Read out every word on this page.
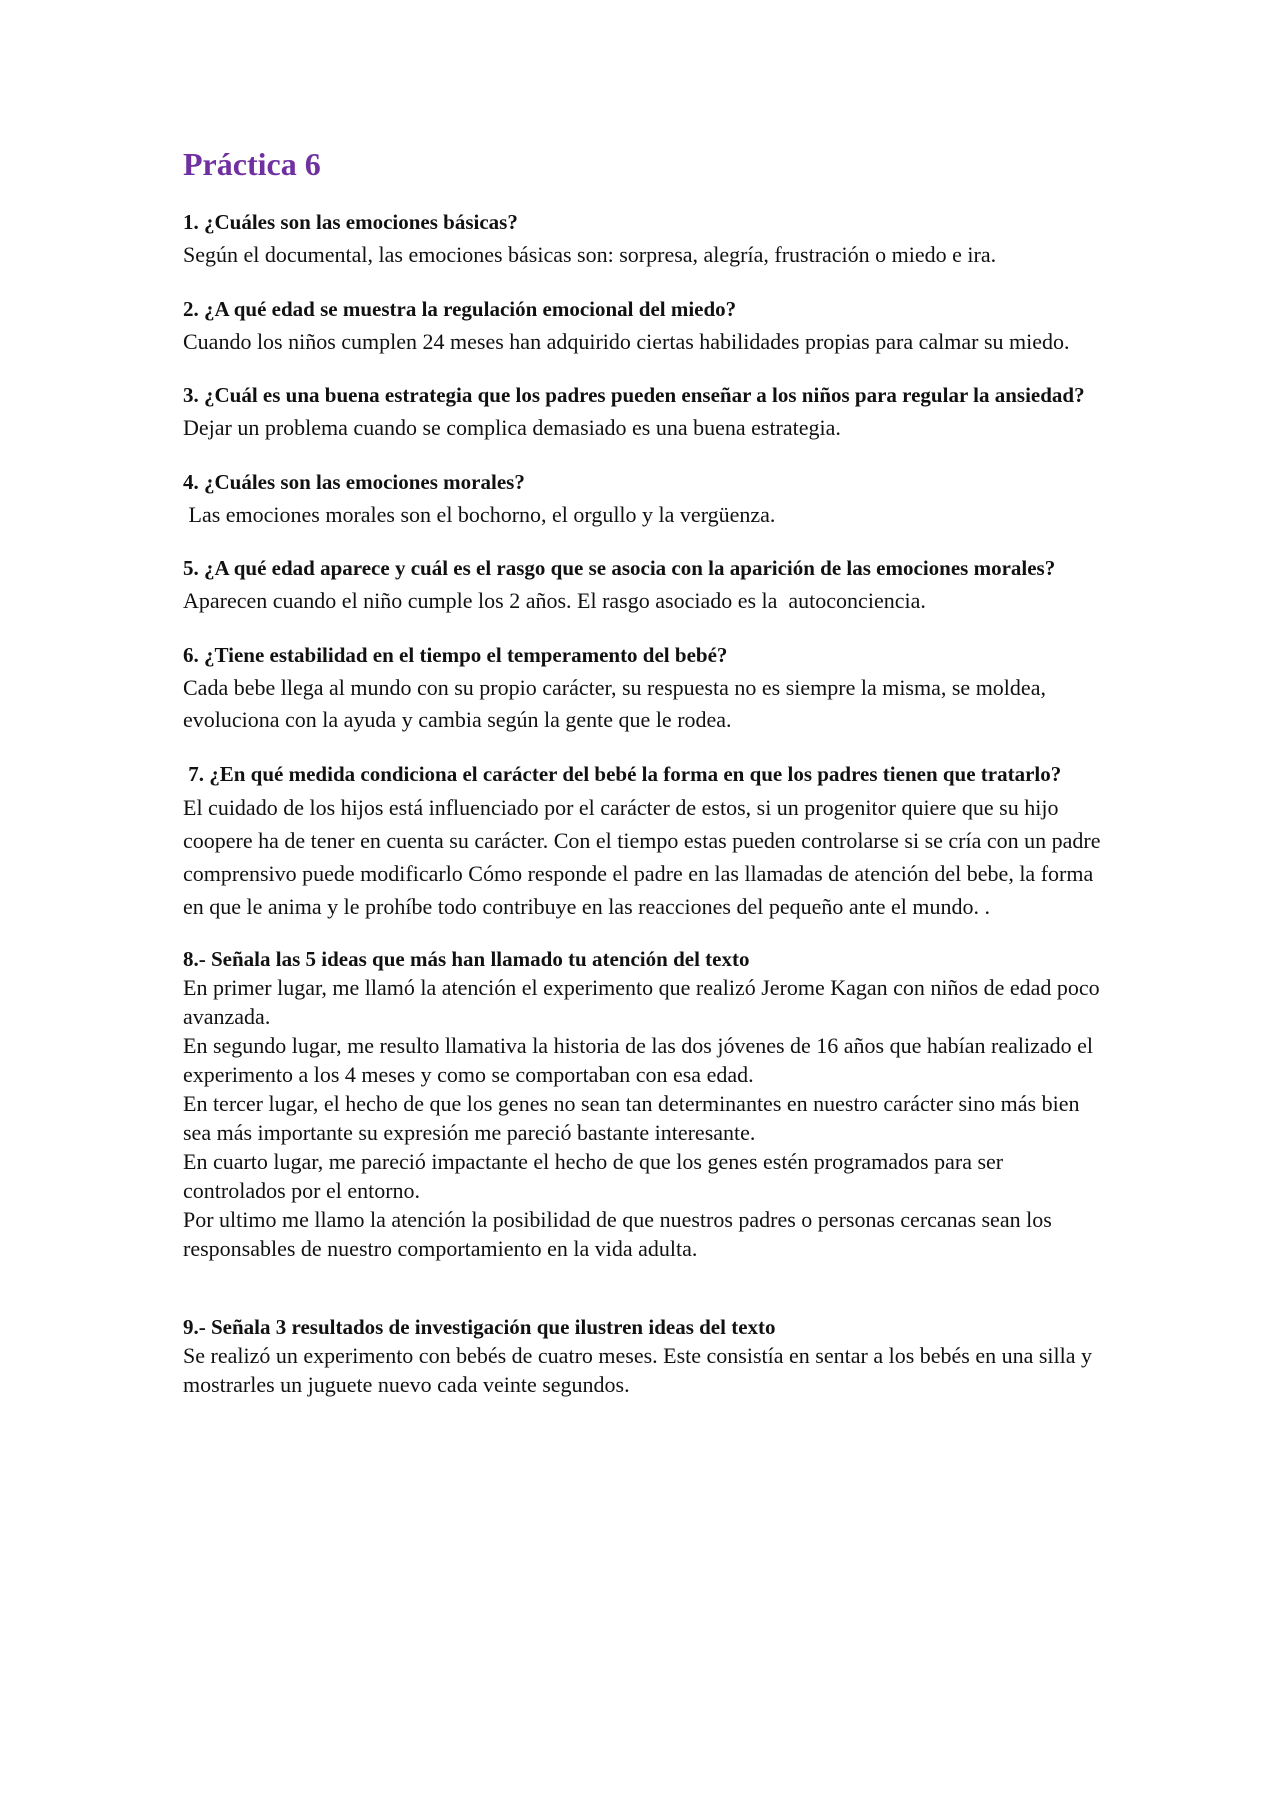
Práctica 6

1. ¿Cuáles son las emociones básicas?

Según el documental, las emociones básicas son: sorpresa, alegría, frustración o miedo e ira.

2. ¿A qué edad se muestra la regulación emocional del miedo?

Cuando los niños cumplen 24 meses han adquirido ciertas habilidades propias para calmar su miedo.

3. ¿Cuál es una buena estrategia que los padres pueden enseñar a los niños para regular la ansiedad?

Dejar un problema cuando se complica demasiado es una buena estrategia.

4. ¿Cuáles son las emociones morales?

Las emociones morales son el bochorno, el orgullo y la vergüenza.

5. ¿A qué edad aparece y cuál es el rasgo que se asocia con la aparición de las emociones morales?

Aparecen cuando el niño cumple los 2 años. El rasgo asociado es la  autoconciencia.

6. ¿Tiene estabilidad en el tiempo el temperamento del bebé?

Cada bebe llega al mundo con su propio carácter, su respuesta no es siempre la misma, se moldea, evoluciona con la ayuda y cambia según la gente que le rodea.

7. ¿En qué medida condiciona el carácter del bebé la forma en que los padres tienen que tratarlo?

El cuidado de los hijos está influenciado por el carácter de estos, si un progenitor quiere que su hijo coopere ha de tener en cuenta su carácter. Con el tiempo estas pueden controlarse si se cría con un padre comprensivo puede modificarlo Cómo responde el padre en las llamadas de atención del bebe, la forma en que le anima y le prohíbe todo contribuye en las reacciones del pequeño ante el mundo. .

8.- Señala las 5 ideas que más han llamado tu atención del texto

En primer lugar, me llamó la atención el experimento que realizó Jerome Kagan con niños de edad poco avanzada.

En segundo lugar, me resulto llamativa la historia de las dos jóvenes de 16 años que habían realizado el experimento a los 4 meses y como se comportaban con esa edad.

En tercer lugar, el hecho de que los genes no sean tan determinantes en nuestro carácter sino más bien sea más importante su expresión me pareció bastante interesante.

En cuarto lugar, me pareció impactante el hecho de que los genes estén programados para ser controlados por el entorno.

Por ultimo me llamo la atención la posibilidad de que nuestros padres o personas cercanas sean los responsables de nuestro comportamiento en la vida adulta.

9.- Señala 3 resultados de investigación que ilustren ideas del texto

Se realizó un experimento con bebés de cuatro meses. Este consistía en sentar a los bebés en una silla y mostrarles un juguete nuevo cada veinte segundos.
